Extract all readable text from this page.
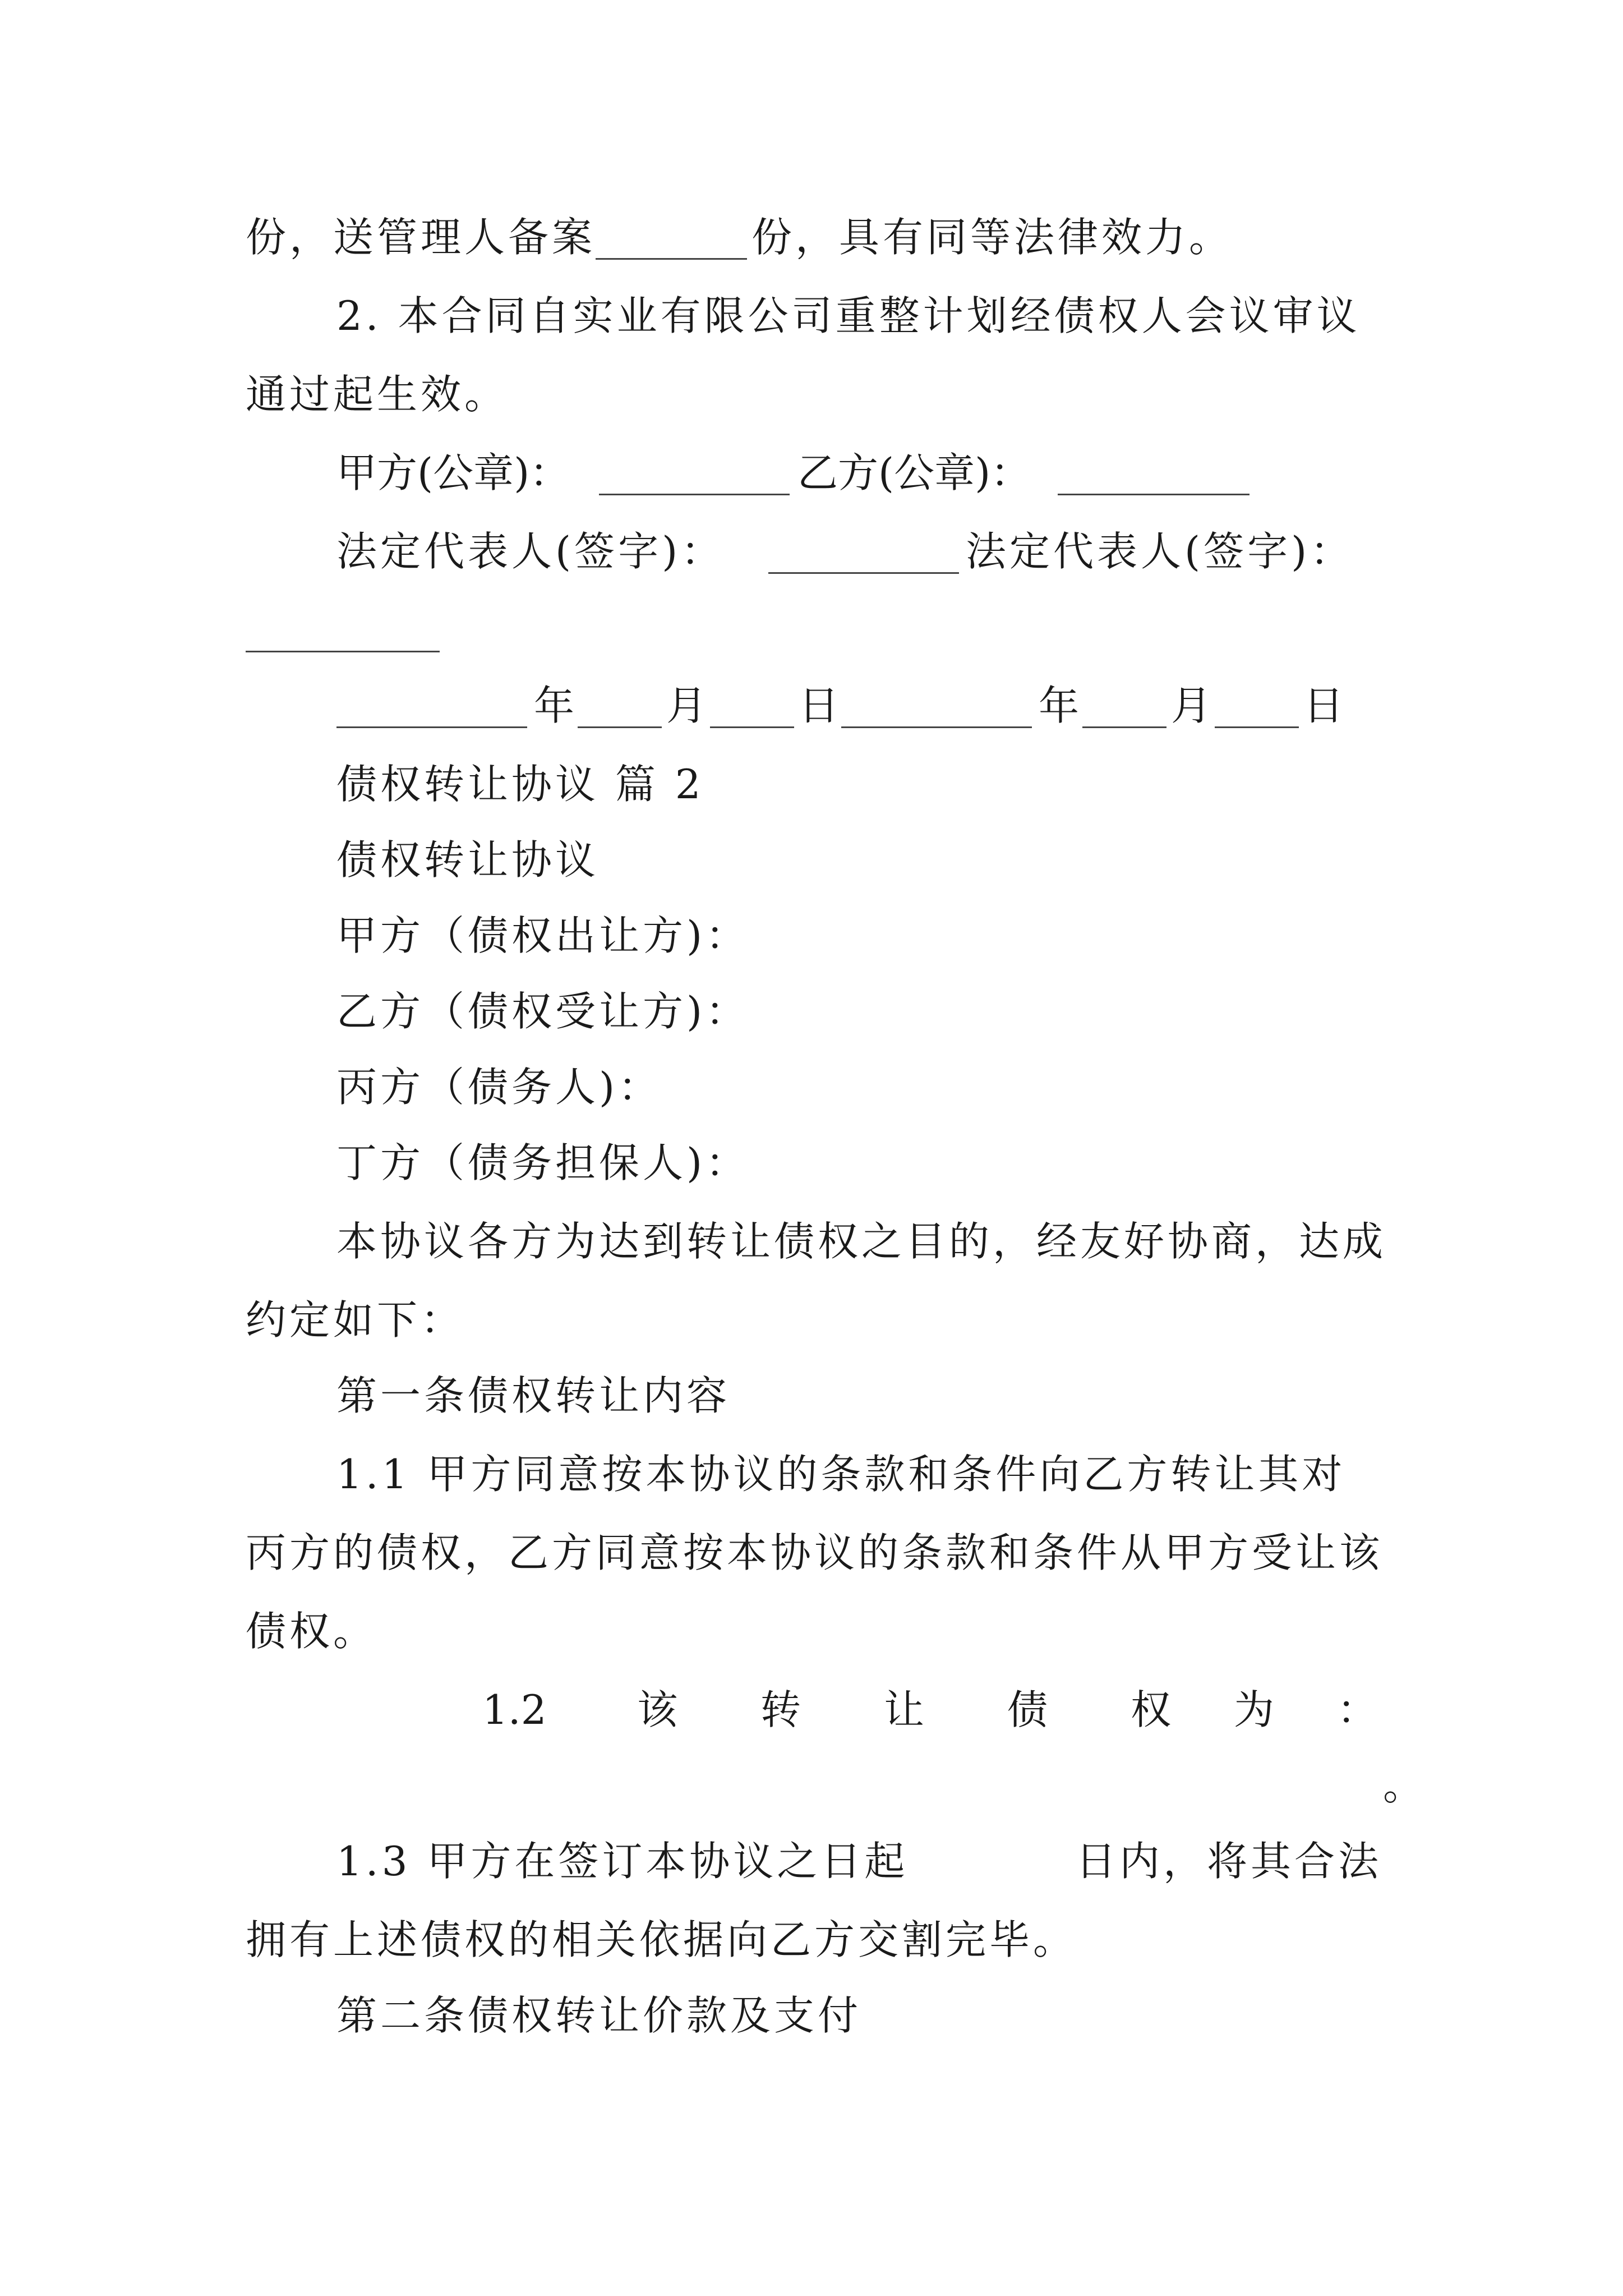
份，送管理人备案	份，具有同等法律效力。
2. 本合同自实业有限公司重整计划经债权人会议审议
通过起生效。
甲方(公章)：	乙方(公章)：
法定代表人(签字)：	法定代表人(签字)：
年 月 日	年 月 日
债权转让协议 篇 2
债权转让协议
甲方（债权出让方)：
乙方（债权受让方)：
丙方（债务人)：
丁方（债务担保人)：
本协议各方为达到转让债权之目的，经友好协商，达成
约定如下：
第一条债权转让内容
1.1 甲方同意按本协议的条款和条件向乙方转让其对
丙方的债权，乙方同意按本协议的条款和条件从甲方受让该
债权。
1.2 该 转 让 债 权 为 ：
。
1.3 甲方在签订本协议之日起	日内，将其合法
拥有上述债权的相关依据向乙方交割完毕。
第二条债权转让价款及支付
